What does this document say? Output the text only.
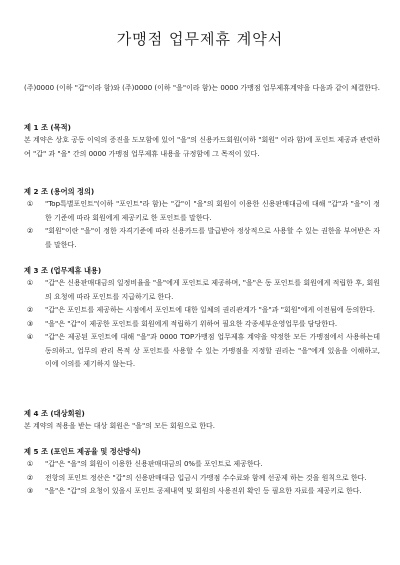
가맹점 업무제휴 계약서

(주)0000 (이하 "갑"이라 함)와 (주)0000 (이하 "을"이라 함)는 0000 가맹점 업무제휴계약을 다음과 같이 체결한다.

제 1 조 (목적)

본 계약은 상호 공동 이익의 증진을 도모함에 있어 "을"의 신용카드회원(이하 "회원" 이라 함)에 포인트 제공과 관련하여 "갑" 과 "을" 간의 0000 가맹점 업무제휴 내용을 규정함에 그 목적이 있다.

제 2 조 (용어의 정의)

①	"Top특별포인트"(이하 "포인트"라 함)는 "갑"이 "을"의 회원이 이용한 신용판매대금에 대해 "갑"과 "을"이 정한 기준에 따라 회원에게 제공키로 한 포인트를 말한다.
②	"회원"이란 "을"이 정한 자격기준에 따라 신용카드를 발급받아 정상적으로 사용할 수 있는 권한을 부여받은 자를 말한다.

제 3 조 (업무제휴 내용)

①	"갑"은 신용판매대금의 일정비율을 "을"에게 포인트로 제공하며, "을"은 동 포인트를 회원에게 적립한 후, 회원의 요청에 따라 포인트를 지급하기로 한다.
②	"갑"은 포인트를 제공하는 시점에서 포인트에 대한 일체의 권리관계가 "을"과 "회원"에게 이전됨에 동의한다.
③	"을"은 "갑"이 제공한 포인트를 회원에게 적립하기 위하여 필요한 각종세부운영업무를 담당한다.
④	"갑"은 제공된 포인트에 대해 "을"과 0000 TOP가맹점 업무제휴 계약을 약정한 모든 가맹점에서 사용하는데 동의하고, 업무의 관리 목적 상 포인트를 사용할 수 있는 가맹점을 지정할 권리는 "을"에게 있음을 이해하고, 이에 이의를 제기하지 않는다.

제 4 조 (대상회원)

본 계약의 적용을 받는 대상 회원은 "을"의 모든 회원으로 한다.

제 5 조 (포인트 제공율 및 정산방식)

①	"갑"은 "을"의 회원이 이용한 신용판매대금의 0%를 포인트로 제공한다.
②	전항의 포인트 정산은 "갑"의 신용판매대금 입금시 가맹점 수수료와 함께 선공제 하는 것을 원칙으로 한다.
③	"을"은 "갑"의 요청이 있을시 포인트 공제내역 및 회원의 사용진위 확인 등 필요한 자료를 제공키로 한다.
